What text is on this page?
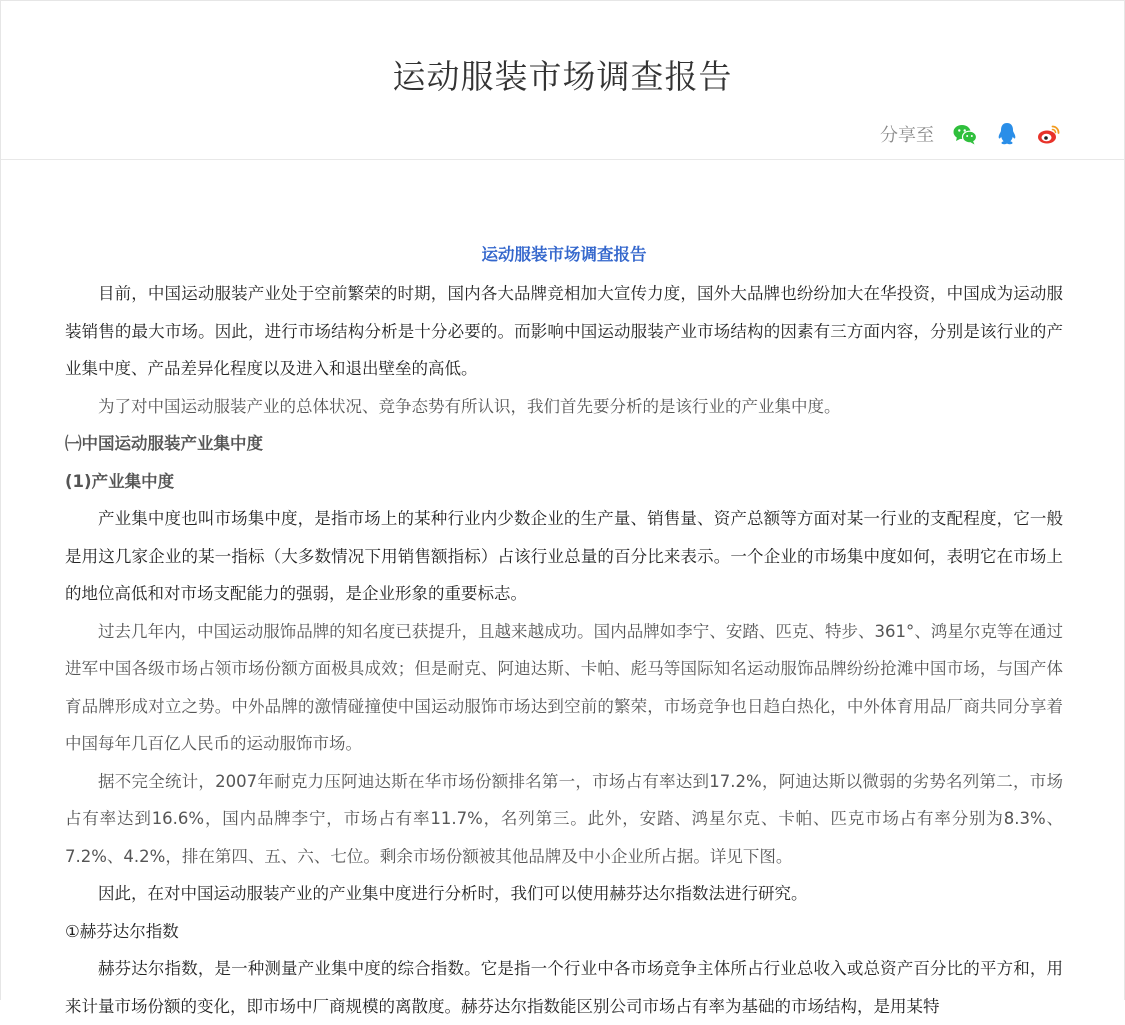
运动服装市场调查报告
分享至
运动服装市场调查报告

目前，中国运动服装产业处于空前繁荣的时期，国内各大品牌竞相加大宣传力度，国外大品牌也纷纷加大在华投资，中国成为运动服装销售的最大市场。因此，进行市场结构分析是十分必要的。而影响中国运动服装产业市场结构的因素有三方面内容，分别是该行业的产业集中度、产品差异化程度以及进入和退出壁垒的高低。

为了对中国运动服装产业的总体状况、竞争态势有所认识，我们首先要分析的是该行业的产业集中度。

㈠中国运动服装产业集中度

(1)产业集中度

产业集中度也叫市场集中度，是指市场上的某种行业内少数企业的生产量、销售量、资产总额等方面对某一行业的支配程度，它一般是用这几家企业的某一指标（大多数情况下用销售额指标）占该行业总量的百分比来表示。一个企业的市场集中度如何，表明它在市场上的地位高低和对市场支配能力的强弱，是企业形象的重要标志。

过去几年内，中国运动服饰品牌的知名度已获提升，且越来越成功。国内品牌如李宁、安踏、匹克、特步、361°、鸿星尔克等在通过进军中国各级市场占领市场份额方面极具成效；但是耐克、阿迪达斯、卡帕、彪马等国际知名运动服饰品牌纷纷抢滩中国市场，与国产体育品牌形成对立之势。中外品牌的激情碰撞使中国运动服饰市场达到空前的繁荣，市场竞争也日趋白热化，中外体育用品厂商共同分享着中国每年几百亿人民币的运动服饰市场。

据不完全统计，2007年耐克力压阿迪达斯在华市场份额排名第一，市场占有率达到17.2%，阿迪达斯以微弱的劣势名列第二，市场占有率达到16.6%，国内品牌李宁，市场占有率11.7%，名列第三。此外，安踏、鸿星尔克、卡帕、匹克市场占有率分别为8.3%、7.2%、4.2%，排在第四、五、六、七位。剩余市场份额被其他品牌及中小企业所占据。详见下图。

因此，在对中国运动服装产业的产业集中度进行分析时，我们可以使用赫芬达尔指数法进行研究。

①赫芬达尔指数

赫芬达尔指数，是一种测量产业集中度的综合指数。它是指一个行业中各市场竞争主体所占行业总收入或总资产百分比的平方和，用来计量市场份额的变化，即市场中厂商规模的离散度。赫芬达尔指数能区别公司市场占有率为基础的市场结构，是用某特
